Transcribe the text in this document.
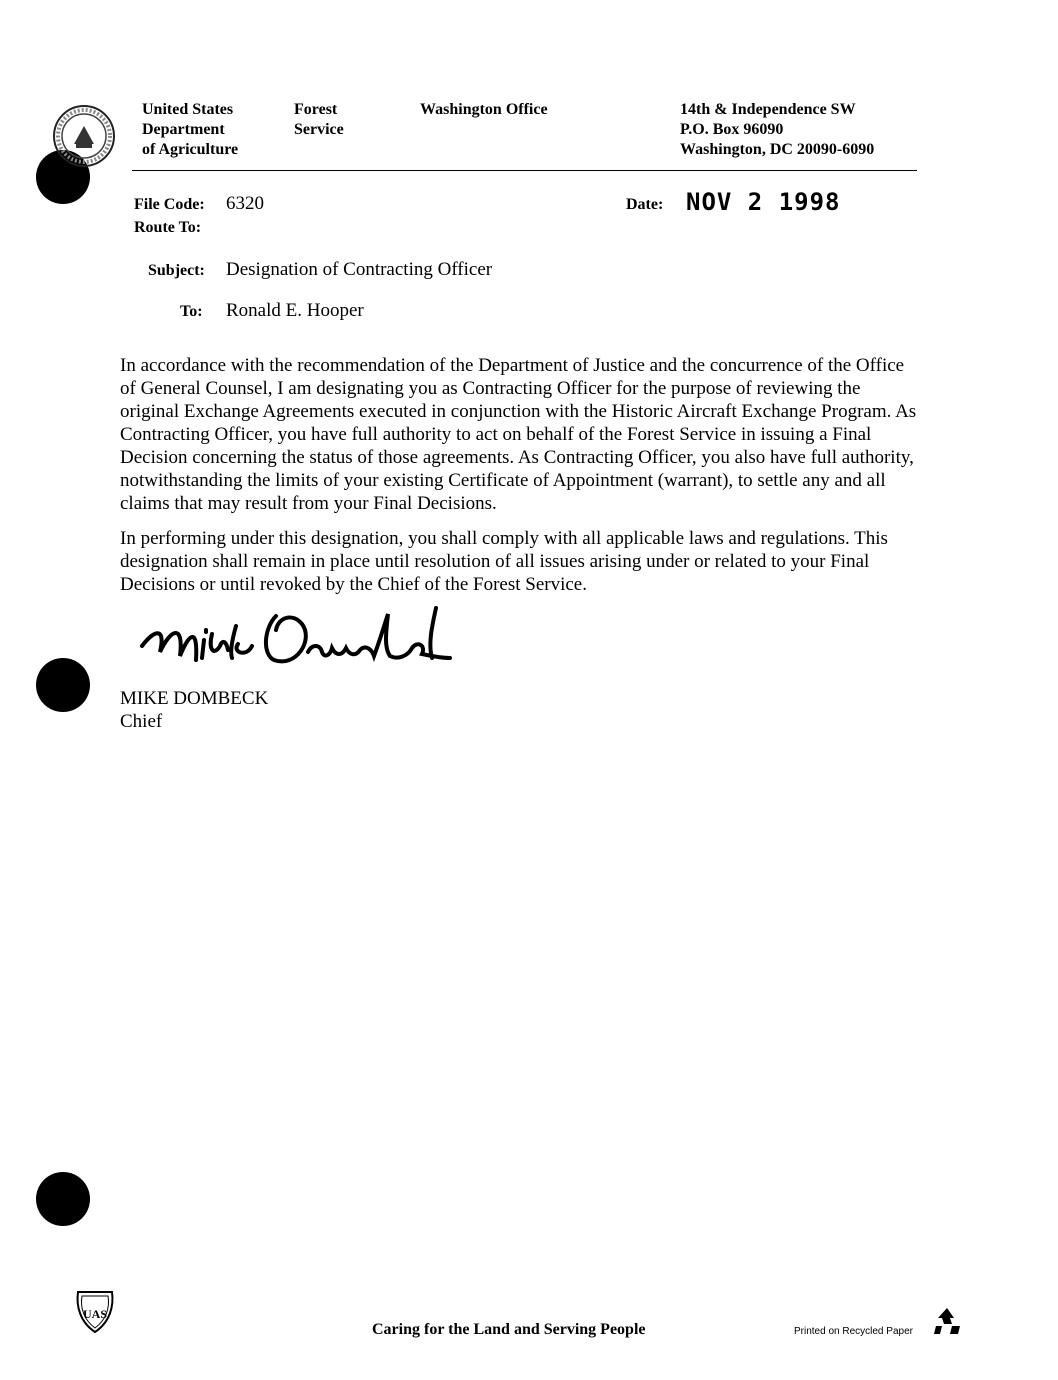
United States
Department
of Agriculture
Forest
Service
Washington Office	14th & Independence SW
P.O. Box 96090
Washington, DC 20090-6090
File Code: 6320
Route To:
Date: NOV 2 1998
Subject: Designation of Contracting Officer
To: Ronald E. Hooper

In accordance with the recommendation of the Department of Justice and the concurrence of the Office of General Counsel, I am designating you as Contracting Officer for the purpose of reviewing the original Exchange Agreements executed in conjunction with the Historic Aircraft Exchange Program. As Contracting Officer, you have full authority to act on behalf of the Forest Service in issuing a Final Decision concerning the status of those agreements. As Contracting Officer, you also have full authority, notwithstanding the limits of your existing Certificate of Appointment (warrant), to settle any and all claims that may result from your Final Decisions.

In performing under this designation, you shall comply with all applicable laws and regulations. This designation shall remain in place until resolution of all issues arising under or related to your Final Decisions or until revoked by the Chief of the Forest Service.

MIKE DOMBECK
Chief
UAS
Caring for the Land and Serving People	Printed on Recycled Paper
